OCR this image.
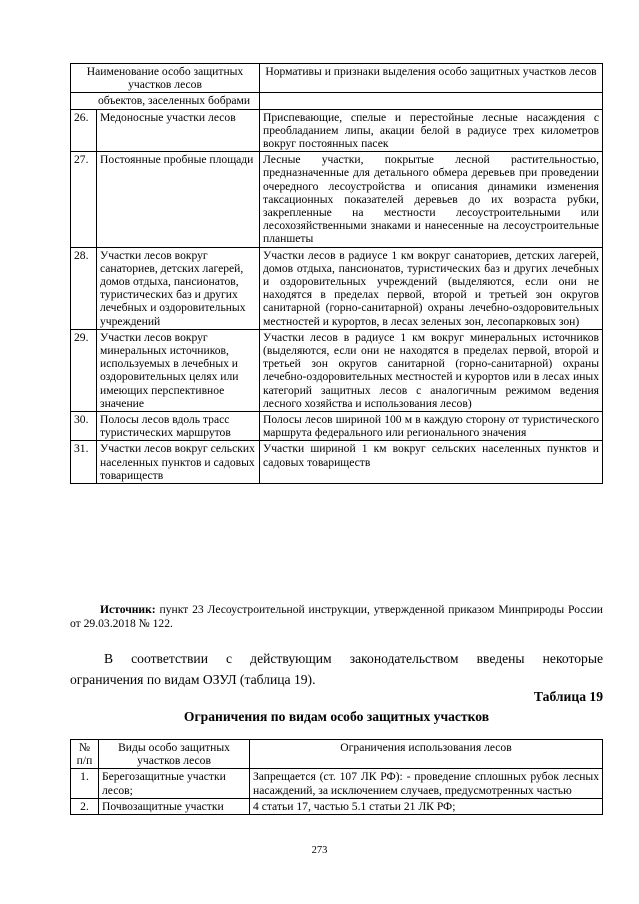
Наименование особо защитных участков лесов		Нормативы и признаки выделения особо защитных участков лесов
объектов, заселенных бобрами		
26.	Медоносные участки лесов	Приспевающие, спелые и перестойные лесные насаждения с преобладанием липы, акации белой в радиусе трех километров вокруг постоянных пасек
27.	Постоянные пробные площади	Лесные участки, покрытые лесной растительностью, предназначенные для детального обмера деревьев при проведении очередного лесоустройства и описания динамики изменения таксационных показателей деревьев до их возраста рубки, закрепленные на местности лесоустроительными или лесохозяйственными знаками и нанесенные на лесоустроительные планшеты
28.	Участки лесов вокруг санаториев, детских лагерей, домов отдыха, пансионатов, туристических баз и других лечебных и оздоровительных учреждений	Участки лесов в радиусе 1 км вокруг санаториев, детских лагерей, домов отдыха, пансионатов, туристических баз и других лечебных и оздоровительных учреждений (выделяются, если они не находятся в пределах первой, второй и третьей зон округов санитарной (горно-санитарной) охраны лечебно-оздоровительных местностей и курортов, в лесах зеленых зон, лесопарковых зон)
29.	Участки лесов вокруг минеральных источников, используемых в лечебных и оздоровительных целях или имеющих перспективное значение	Участки лесов в радиусе 1 км вокруг минеральных источников (выделяются, если они не находятся в пределах первой, второй и третьей зон округов санитарной (горно-санитарной) охраны лечебно-оздоровительных местностей и курортов или в лесах иных категорий защитных лесов с аналогичным режимом ведения лесного хозяйства и использования лесов)
30.	Полосы лесов вдоль трасс туристических маршрутов	Полосы лесов шириной 100 м в каждую сторону от туристического маршрута федерального или регионального значения
31.	Участки лесов вокруг сельских населенных пунктов и садовых товариществ	Участки шириной 1 км вокруг сельских населенных пунктов и садовых товариществ
Источник: пункт 23 Лесоустроительной инструкции, утвержденной приказом Минприроды России от 29.03.2018 № 122.
В соответствии с действующим законодательством введены некоторые
ограничения по видам ОЗУЛ (таблица 19).
Таблица 19
Ограничения по видам особо защитных участков
№ п/п	Виды особо защитных участков лесов	Ограничения использования лесов
1.	Берегозащитные участки лесов;	Запрещается (ст. 107 ЛК РФ): - проведение сплошных рубок лесных насаждений, за исключением случаев, предусмотренных частью
2.	Почвозащитные участки	4 статьи 17, частью 5.1 статьи 21 ЛК РФ;
273
